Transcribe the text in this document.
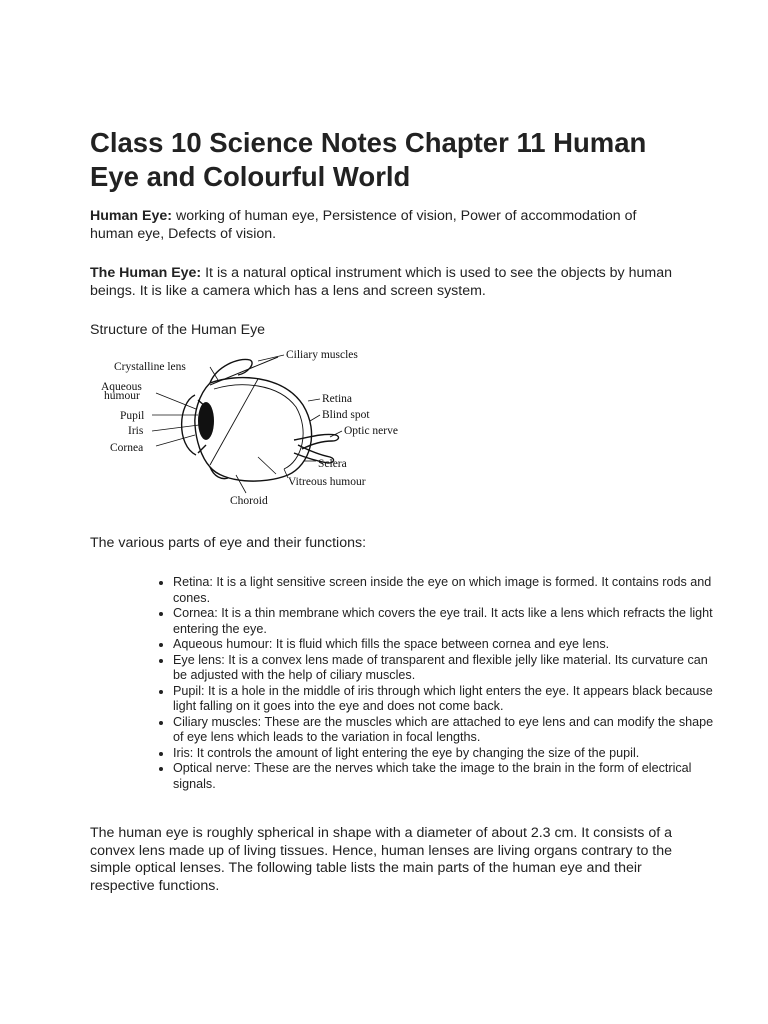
Class 10 Science Notes Chapter 11 Human Eye and Colourful World

Human Eye: working of human eye, Persistence of vision, Power of accommodation of human eye, Defects of vision.

The Human Eye: It is a natural optical instrument which is used to see the objects by human beings. It is like a camera which has a lens and screen system.

Structure of the Human Eye

Ciliary muscles
Crystalline lens
Aqueous
humour
Pupil
Iris
Cornea
Retina
Blind spot
Optic nerve
Sclera
Vitreous humour
Choroid

The various parts of eye and their functions:

• Retina: It is a light sensitive screen inside the eye on which image is formed. It contains rods and cones.
• Cornea: It is a thin membrane which covers the eye trail. It acts like a lens which refracts the light entering the eye.
• Aqueous humour: It is fluid which fills the space between cornea and eye lens.
• Eye lens: It is a convex lens made of transparent and flexible jelly like material. Its curvature can be adjusted with the help of ciliary muscles.
• Pupil: It is a hole in the middle of iris through which light enters the eye. It appears black because light falling on it goes into the eye and does not come back.
• Ciliary muscles: These are the muscles which are attached to eye lens and can modify the shape of eye lens which leads to the variation in focal lengths.
• Iris: It controls the amount of light entering the eye by changing the size of the pupil.
• Optical nerve: These are the nerves which take the image to the brain in the form of electrical signals.

The human eye is roughly spherical in shape with a diameter of about 2.3 cm. It consists of a convex lens made up of living tissues. Hence, human lenses are living organs contrary to the simple optical lenses. The following table lists the main parts of the human eye and their respective functions.
